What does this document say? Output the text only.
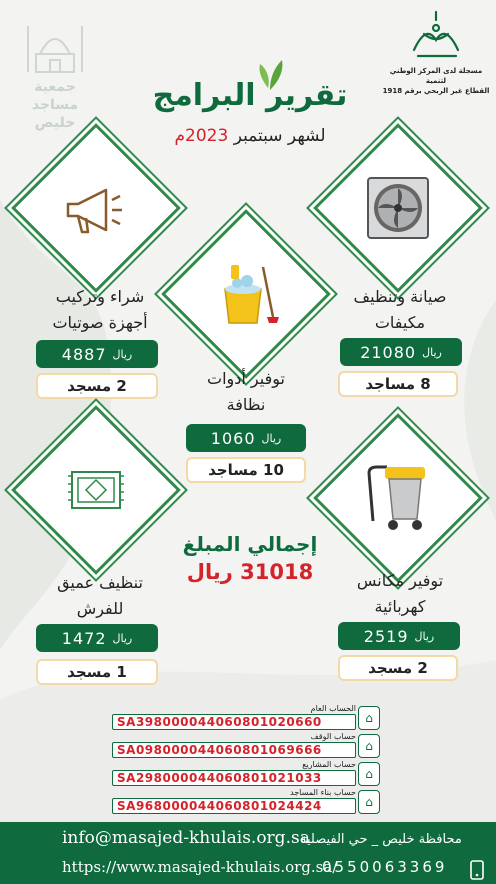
جمعية مساجد
خليص
مسجلة لدى المركز الوطني لتنمية
القطاع غير الربحي برقم 1918
تقرير البرامج
لشهر سبتمبر 2023م
صيانة وتنظيف
مكيفات
21080 ريال
8 مساجد
شراء وتركيب
أجهزة صوتيات
4887 ريال
2 مسجد	توفير أدوات
نظافة
1060 ريال
10 مساجد
توفير مكانس
كهربائية
2519 ريال
2 مسجد
تنظيف عميق
للفرش
1472 ريال
1 مسجد
إجمالي المبلغ
31018 ريال
الحساب العام
SA 398000044060801020660	⌂
حساب الوقف
SA 098000044060801069666	⌂
حساب المشاريع
SA 298000044060801021033	⌂
حساب بناء المساجد
SA 968000044060801024424	⌂
info@masajed-khulais.org.sa
محافظة خليص _ حي الفيصلية
https://www.masajed-khulais.org.sa/
0550063369
